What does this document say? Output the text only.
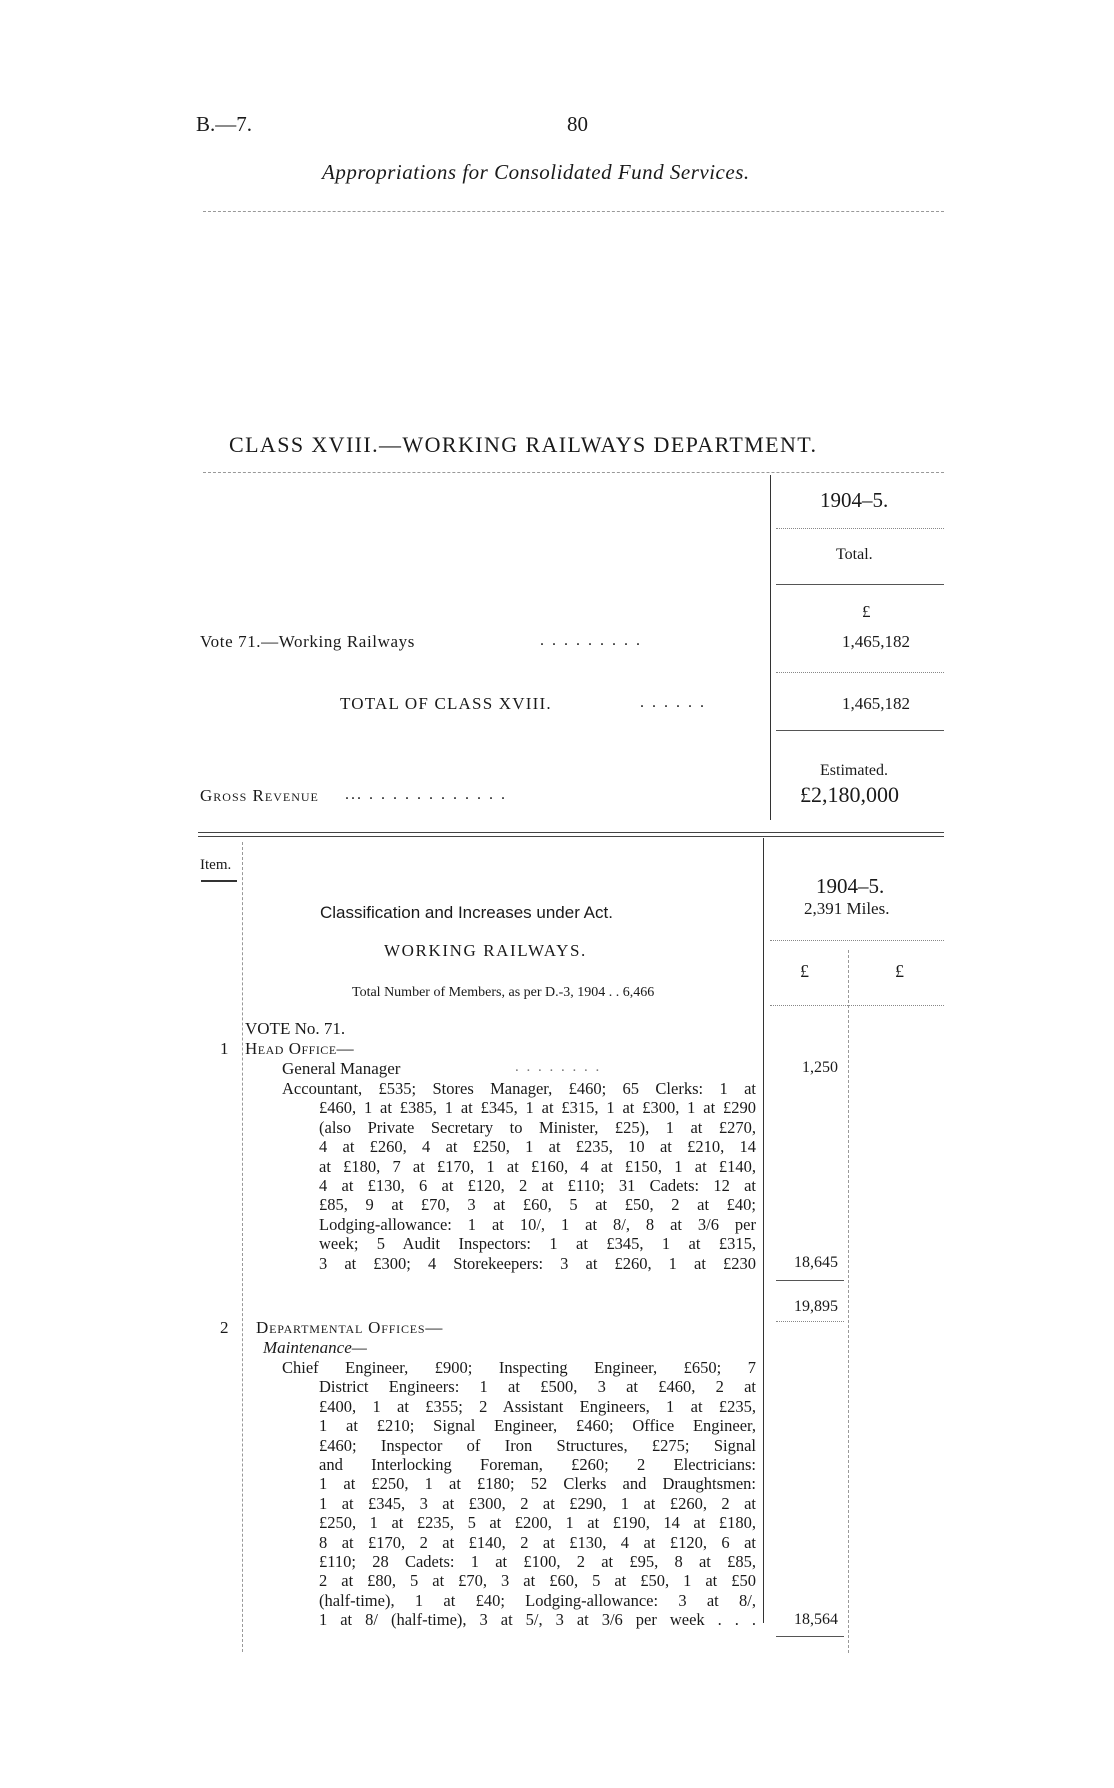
B.—7.	80
Appropriations for Consolidated Fund Services.
CLASS XVIII.—WORKING RAILWAYS DEPARTMENT.
1904–5.
Total.
£
Vote 71.—Working Railways	. . . . . . . . .	1,465,182
TOTAL OF CLASS XVIII.	. . . . . .	1,465,182
Estimated.
Gross Revenue ... . . . . . . . . . . . .	£2,180,000
Item.
1904–5.
2,391 Miles.
Classification and Increases under Act.
WORKING RAILWAYS.
£	£
Total Number of Members, as per D.-3, 1904 . . 6,466
VOTE No. 71.
1 Head Office—
General Manager	. . . . . . . .	1,250
Accountant, £535; Stores Manager, £460; 65 Clerks: 1 at
£460, 1 at £385, 1 at £345, 1 at £315, 1 at £300, 1 at £290
(also Private Secretary to Minister, £25), 1 at £270,
4 at £260, 4 at £250, 1 at £235, 10 at £210, 14
at £180, 7 at £170, 1 at £160, 4 at £150, 1 at £140,
4 at £130, 6 at £120, 2 at £110; 31 Cadets: 12 at
£85, 9 at £70, 3 at £60, 5 at £50, 2 at £40;
Lodging-allowance: 1 at 10/, 1 at 8/, 8 at 3/6 per
week; 5 Audit Inspectors: 1 at £345, 1 at £315,
3 at £300; 4 Storekeepers: 3 at £260, 1 at £230	18,645
19,895
2 Departmental Offices—
Maintenance—
Chief Engineer, £900; Inspecting Engineer, £650; 7
District Engineers: 1 at £500, 3 at £460, 2 at
£400, 1 at £355; 2 Assistant Engineers, 1 at £235,
1 at £210; Signal Engineer, £460; Office Engineer,
£460; Inspector of Iron Structures, £275; Signal
and Interlocking Foreman, £260; 2 Electricians:
1 at £250, 1 at £180; 52 Clerks and Draughtsmen:
1 at £345, 3 at £300, 2 at £290, 1 at £260, 2 at
£250, 1 at £235, 5 at £200, 1 at £190, 14 at £180,
8 at £170, 2 at £140, 2 at £130, 4 at £120, 6 at
£110; 28 Cadets: 1 at £100, 2 at £95, 8 at £85,
2 at £80, 5 at £70, 3 at £60, 5 at £50, 1 at £50
(half-time), 1 at £40; Lodging-allowance: 3 at 8/,
1 at 8/ (half-time), 3 at 5/, 3 at 3/6 per week . . .	18,564
